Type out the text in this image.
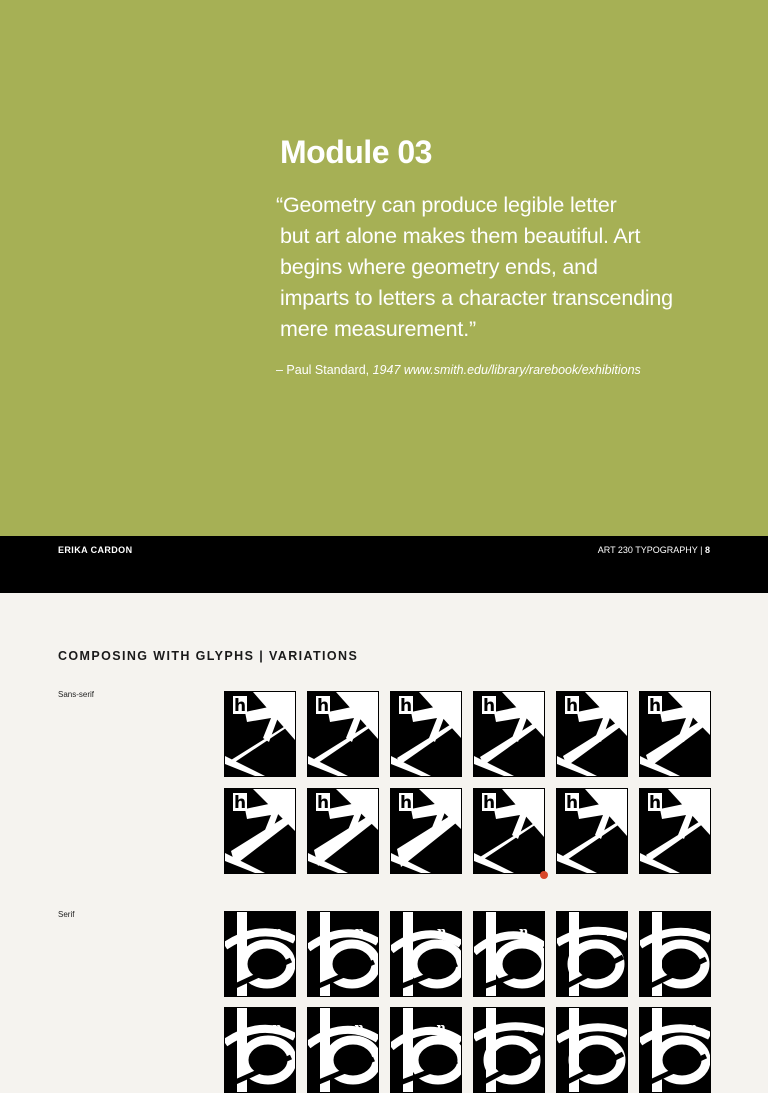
Module 03

“Geometry can produce legible letter
but art alone makes them beautiful. Art
begins where geometry ends, and
imparts to letters a character transcending
mere measurement.”

– Paul Standard, 1947 www.smith.edu/library/rarebook/exhibitions

ERIKA CARDON	ART 230 TYPOGRAPHY | 8
COMPOSING WITH GLYPHS | VARIATIONS
Sans-serif
Serif
h
u
h
u
h
u
h
u
h
u
h
u
h
u
h
u
h
u
h
u
h
u
h
u
n	n	n	n	n	n
n	n	n	n	n	n
